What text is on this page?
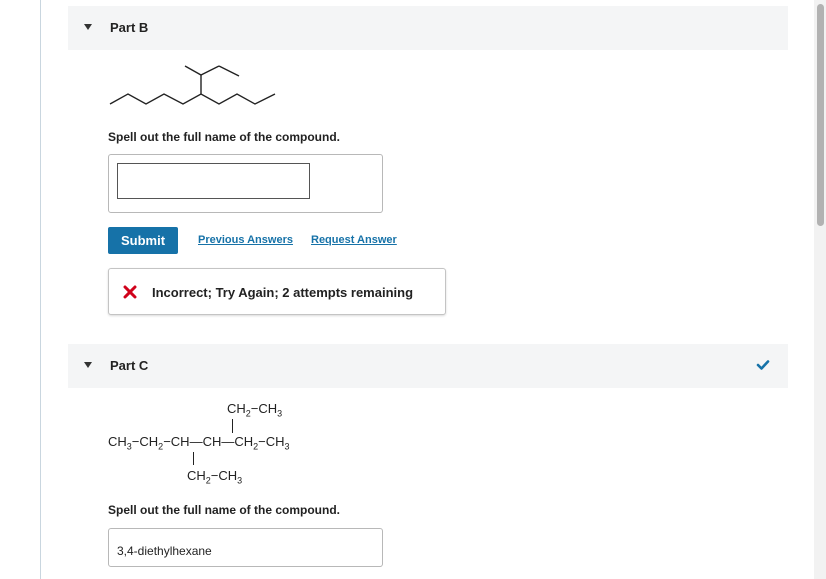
Part B
Spell out the full name of the compound.
Submit	Previous Answers Request Answer
Incorrect; Try Again; 2 attempts remaining
Part C
$CH_2-CH_3$
$CH_3-CH_2-CH—CH—CH_2-CH_3$
$CH_2-CH_3$
Spell out the full name of the compound.
3,4-diethylhexane
